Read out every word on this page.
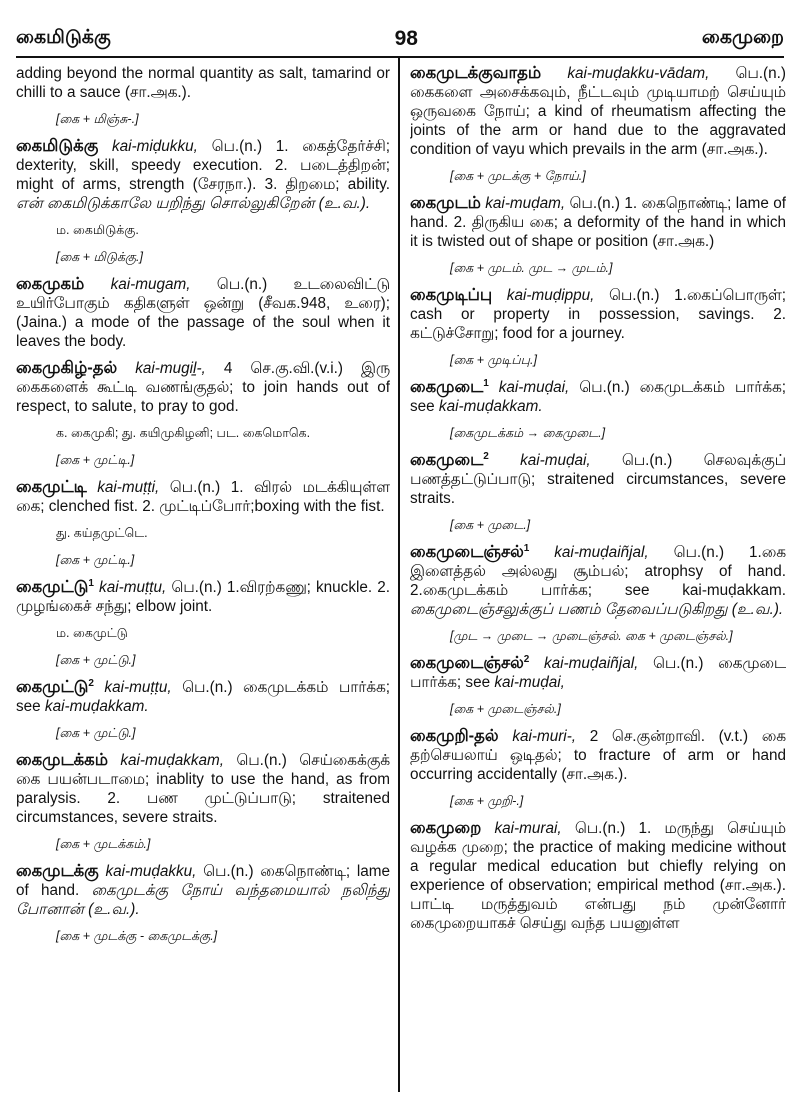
கைமிடுக்கு	98	கைமுறை

adding beyond the normal quantity as salt, tamarind or chilli to a sauce (சா.அக.).

[கை + மிஞ்சு-.]

கைமிடுக்கு kai-miḍukku, பெ.(n.) 1. கைத்தேர்ச்சி; dexterity, skill, speedy execution. 2. படைத்திறன்; might of arms, strength (சேரநா.). 3. திறமை; ability. என் கைமிடுக்காலே யறிந்து சொல்லுகிறேன் (உ.வ.).

ம. கைமிடுக்கு.

[கை + மிடுக்கு.]

கைமுகம் kai-mugam, பெ.(n.) உடலைவிட்டு உயிர்போகும் கதிகளுள் ஒன்று (சீவக.948, உரை); (Jaina.) a mode of the passage of the soul when it leaves the body.

கைமுகிழ்-தல் kai-mugiḻ-, 4 செ.கு.வி.(v.i.) இரு கைகளைக் கூட்டி வணங்குதல்; to join hands out of respect, to salute, to pray to god.

க. கைமுகி; து. கயிமுகிழனி; பட. கைமொகெ.

[கை + முட்டி.]

கைமுட்டி kai-muṭṭi, பெ.(n.) 1. விரல் மடக்கியுள்ள கை; clenched fist. 2. முட்டிப்போர்;boxing with the fist.

து. கய்தமுட்டெ.

[கை + முட்டி.]

கைமுட்டு$^1$ kai-muṭṭu, பெ.(n.) 1.விரற்கணு; knuckle. 2. முழங்கைச் சந்து; elbow joint.

ம. கைமுட்டு

[கை + முட்டு.]

கைமுட்டு$^2$ kai-muṭṭu, பெ.(n.) கைமுடக்கம் பார்க்க; see kai-muḍakkam.

[கை + முட்டு.]

கைமுடக்கம் kai-muḍakkam, பெ.(n.) செய்கைக்குக் கை பயன்படாமை; inablity to use the hand, as from paralysis. 2. பண முட்டுப்பாடு; straitened circumstances, severe straits.

[கை + முடக்கம்.]

கைமுடக்கு kai-muḍakku, பெ.(n.) கைநொண்டி; lame of hand. கைமுடக்கு நோய் வந்தமையால் நலிந்து போனான் (உ.வ.).

[கை + முடக்கு - கைமுடக்கு.]

கைமுடக்குவாதம் kai-muḍakku-vādam, பெ.(n.) கைகளை அசைக்கவும், நீட்டவும் முடியாமற் செய்யும் ஒருவகை நோய்; a kind of rheumatism affecting the joints of the arm or hand due to the aggravated condition of vayu which prevails in the arm (சா.அக.).

[கை + முடக்கு + நோய்.]

கைமுடம் kai-muḍam, பெ.(n.) 1. கைநொண்டி; lame of hand. 2. திருகிய கை; a deformity of the hand in which it is twisted out of shape or position (சா.அக.)

[கை + முடம். முட → முடம்.]

கைமுடிப்பு kai-muḍippu, பெ.(n.) 1.கைப்பொருள்; cash or property in possession, savings. 2. கட்டுச்சோறு; food for a journey.

[கை + முடிப்பு.]

கைமுடை$^1$ kai-muḍai, பெ.(n.) கைமுடக்கம் பார்க்க; see kai-muḍakkam.

[கைமுடக்கம் → கைமுடை.]

கைமுடை$^2$ kai-muḍai, பெ.(n.) செலவுக்குப் பணத்தட்டுப்பாடு; straitened circumstances, severe straits.

[கை + முடை.]

கைமுடைஞ்சல்$^1$ kai-muḍaiñjal, பெ.(n.) 1.கை இளைத்தல் அல்லது சூம்பல்; atrophsy of hand. 2.கைமுடக்கம் பார்க்க; see kai-muḍakkam. கைமுடைஞ்சலுக்குப் பணம் தேவைப்படுகிறது (உ.வ.).

[முட → முடை → முடைஞ்சல். கை + முடைஞ்சல்.]

கைமுடைஞ்சல்$^2$ kai-muḍaiñjal, பெ.(n.) கைமுடை பார்க்க; see kai-muḍai,

[கை + முடைஞ்சல்.]

கைமுறி-தல் kai-muri-, 2 செ.குன்றாவி. (v.t.) கை தற்செயலாய் ஒடிதல்; to fracture of arm or hand occurring accidentally (சா.அக.).

[கை + முறி-.]

கைமுறை kai-murai, பெ.(n.) 1. மருந்து செய்யும் வழக்க முறை; the practice of making medicine without a regular medical education but chiefly relying on experience of observation; empirical method (சா.அக.). பாட்டி மருத்துவம் என்பது நம் முன்னோர் கைமுறையாகச் செய்து வந்த பயனுள்ள
